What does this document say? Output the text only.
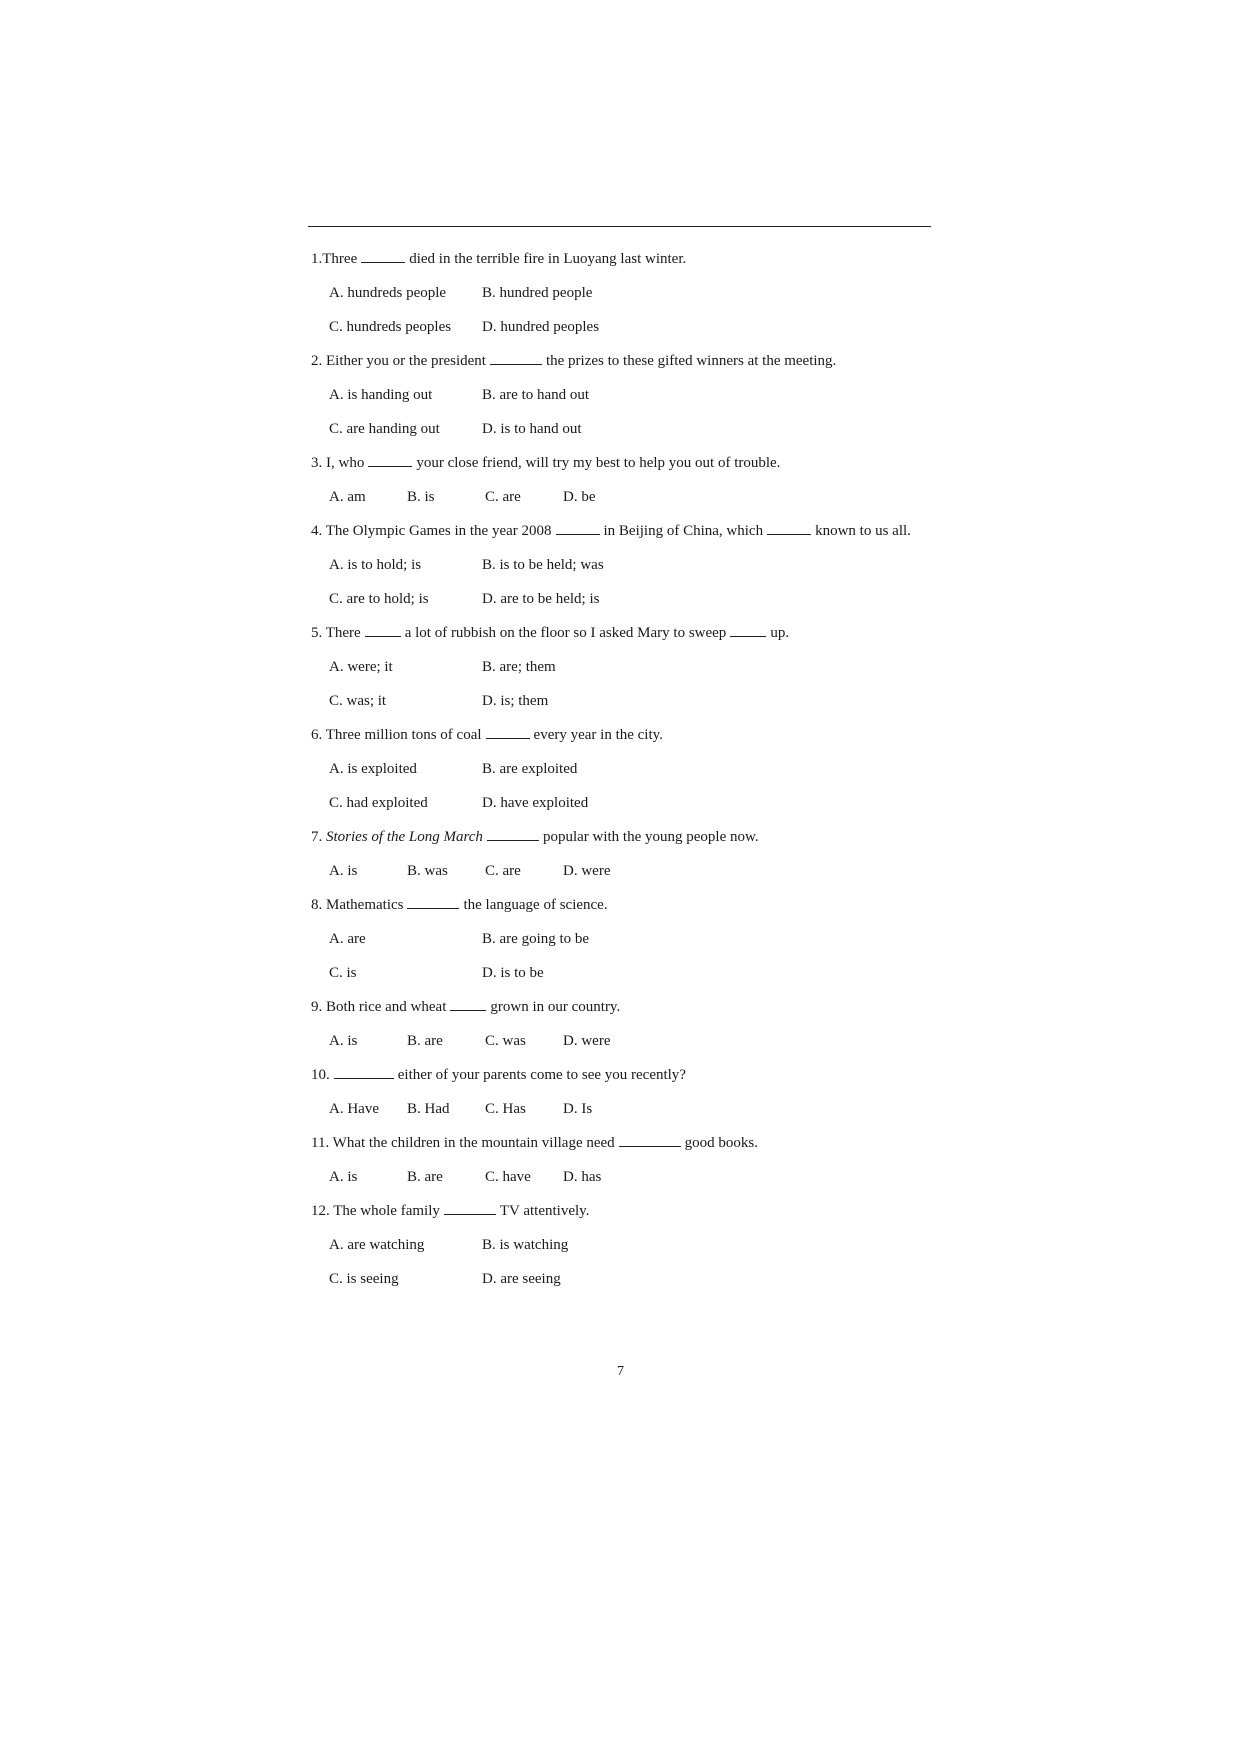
1.Three	died in the terrible fire in Luoyang last winter.
A. hundreds people B. hundred people
C. hundreds peoples D. hundred peoples
2. Either you or the president	the prizes to these gifted winners at the meeting.
A. is handing out	B. are to hand out
C. are handing out	D. is to hand out
3. I, who	your close friend, will try my best to help you out of trouble.
A. am	B. is	C. are	D. be
4. The Olympic Games in the year 2008	in Beijing of China, which	known to us all.
A. is to hold; is	B. is to be held; was
C. are to hold; is	D. are to be held; is
5. There	a lot of rubbish on the floor so I asked Mary to sweep	up.
A. were; it	B. are; them
C. was; it	D. is; them
6. Three million tons of coal	every year in the city.
A. is exploited	B. are exploited
C. had exploited	D. have exploited
7. Stories of the Long March	popular with the young people now.
A. is	B. was C. are	D. were
8. Mathematics	the language of science.
A. are	B. are going to be
C. is	D. is to be
9. Both rice and wheat	grown in our country.
A. is	B. are	C. was D. were
10.	either of your parents come to see you recently?
A. Have B. Had C. Has D. Is
11. What the children in the mountain village need	good books.
A. is	B. are	C. have D. has
12. The whole family	TV attentively.
A. are watching	B. is watching
C. is seeing	D. are seeing
7
